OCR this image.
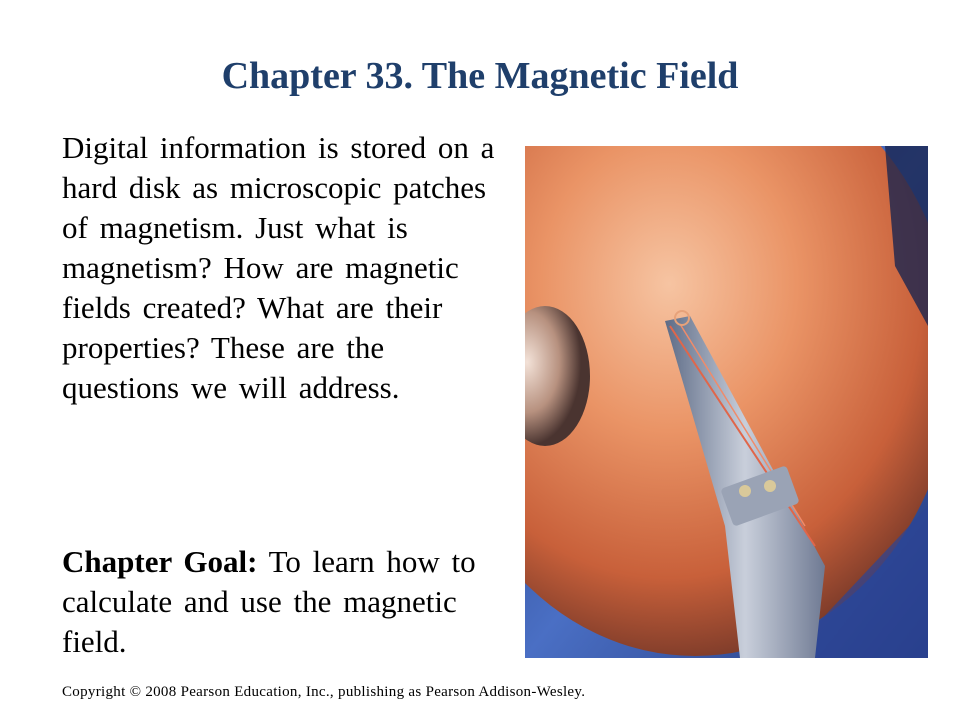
Chapter 33. The Magnetic Field

Digital information is stored on a hard disk as microscopic patches of magnetism. Just what is magnetism? How are magnetic fields created? What are their properties? These are the questions we will address.

Chapter Goal: To learn how to calculate and use the magnetic field.

Copyright © 2008 Pearson Education, Inc., publishing as Pearson Addison-Wesley.
